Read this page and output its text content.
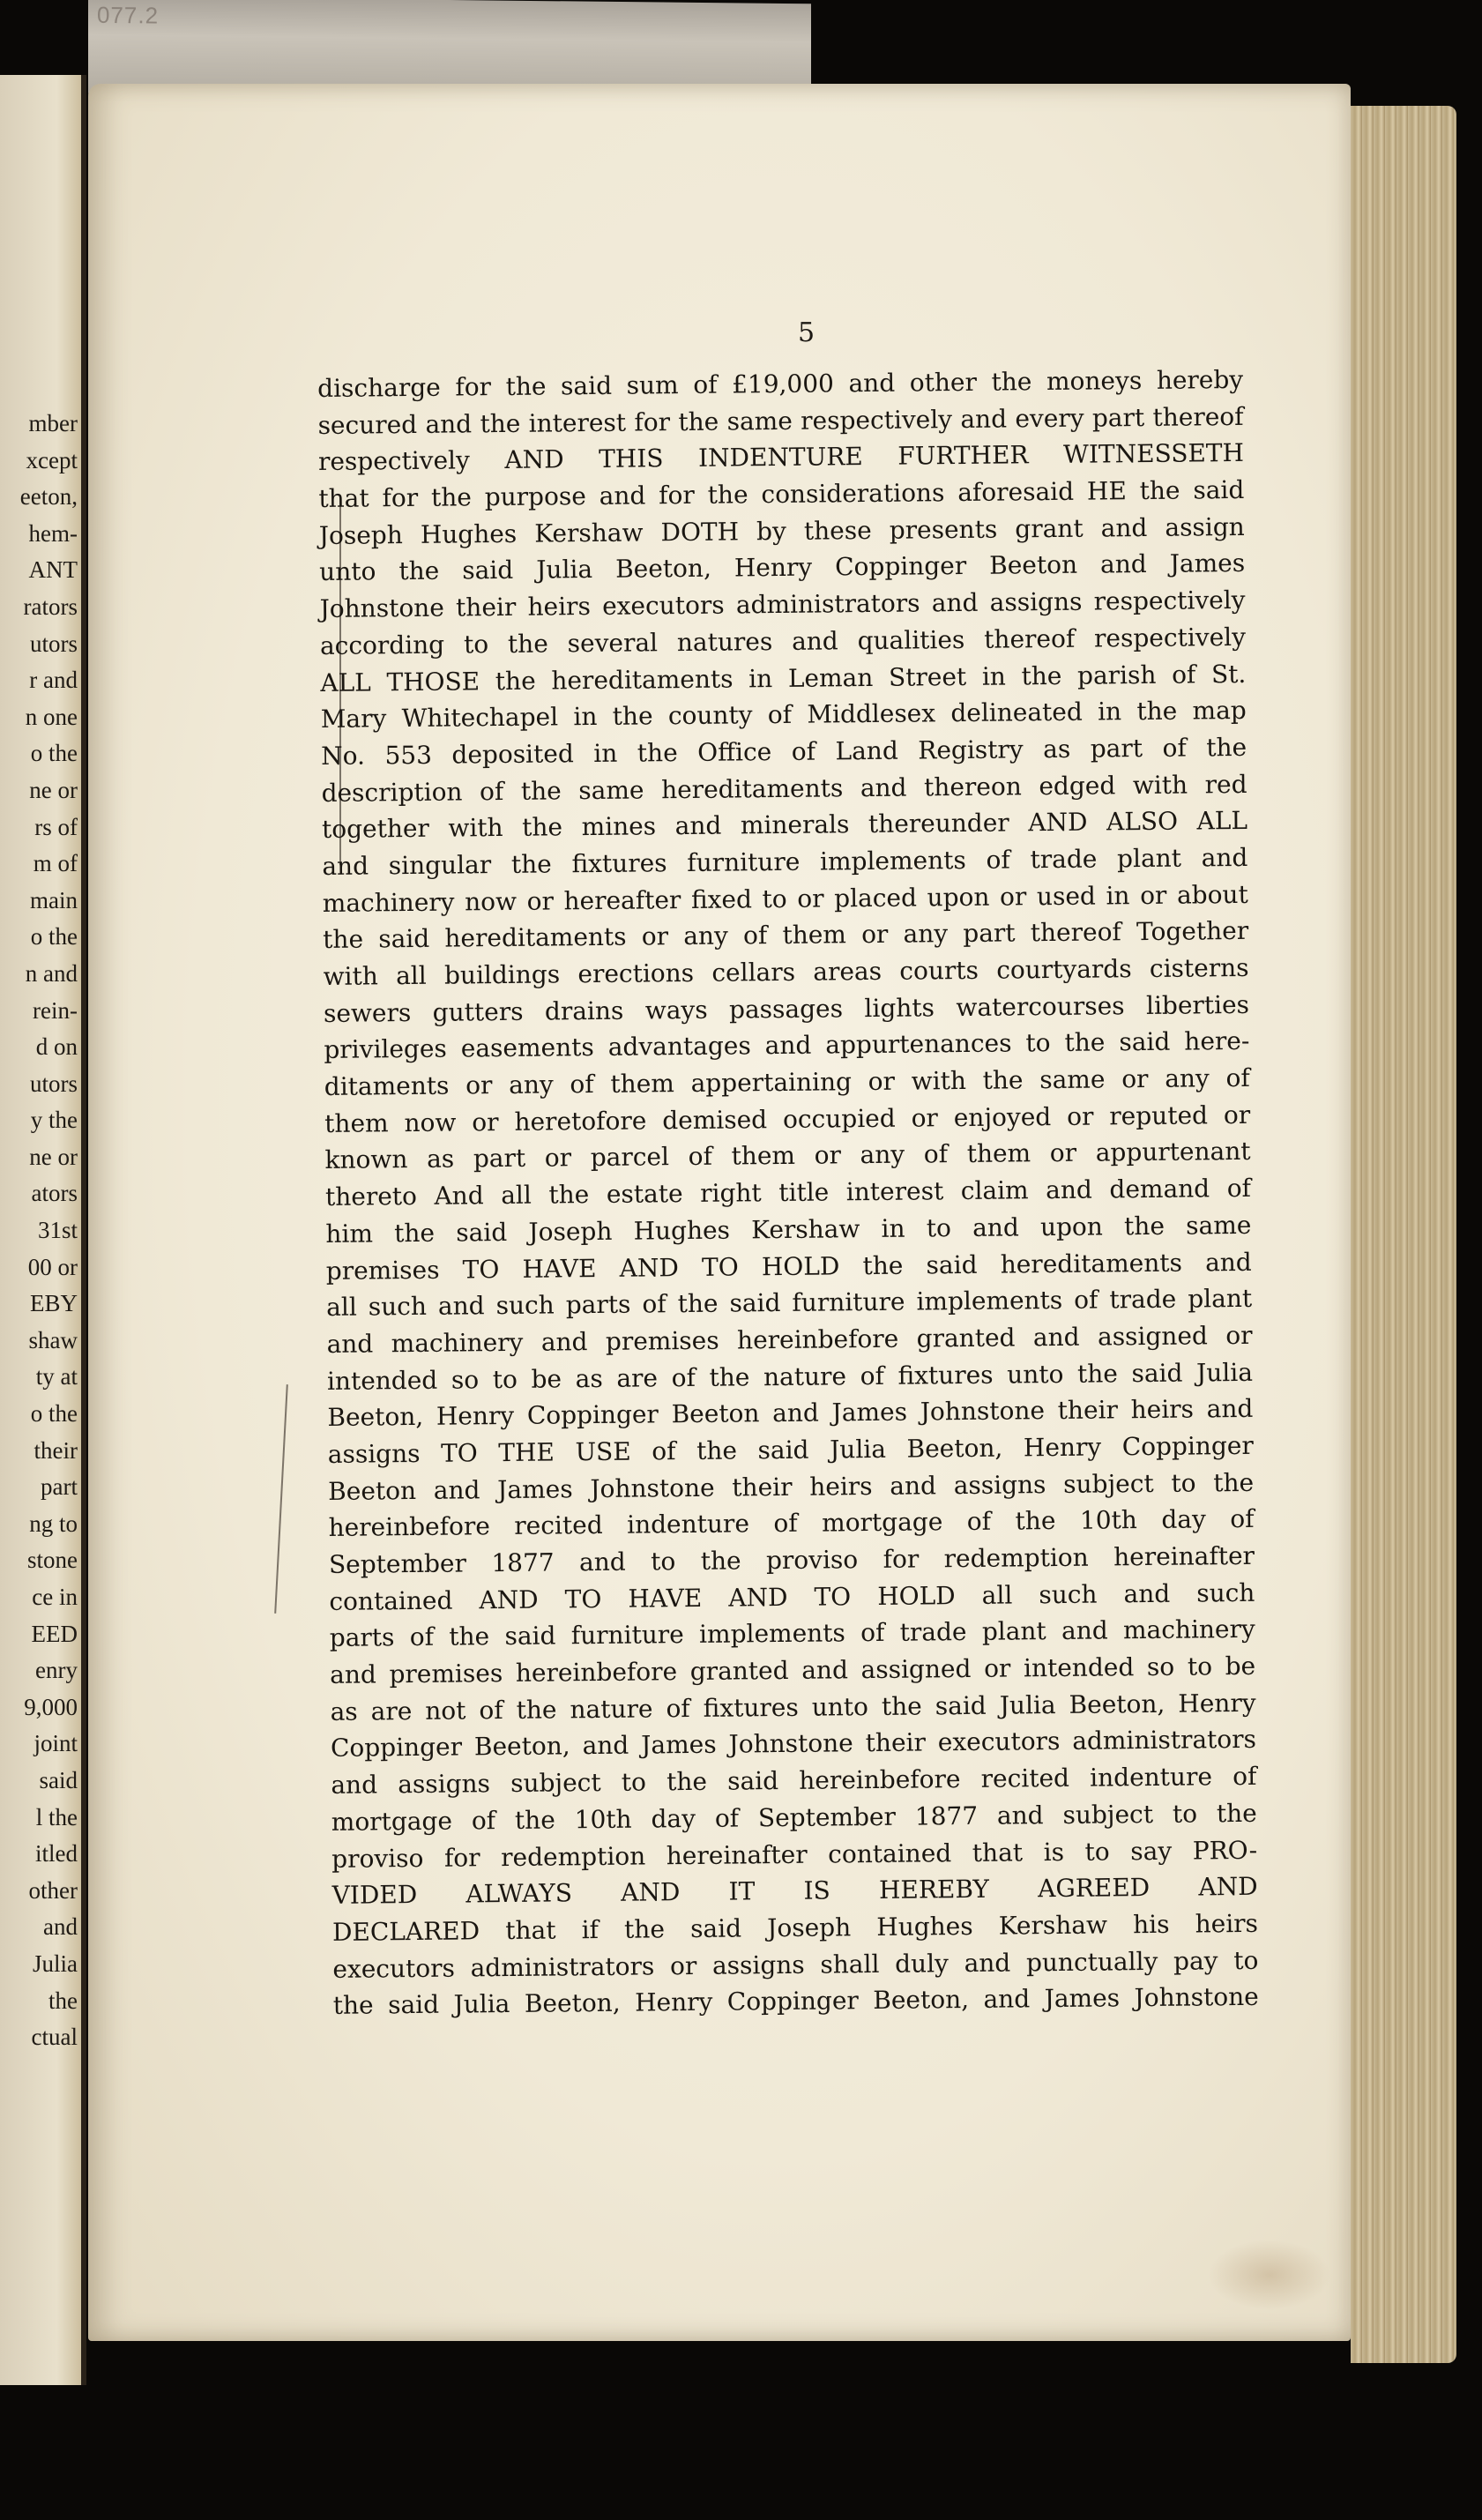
077.2
mber
xcept
eeton,
hem-
ANT
rators
utors
r and
n one
o the
ne or
rs of
m of
main
o the
n and
rein-
d on
utors
y the
ne or
ators
31st
00 or
EBY
shaw
ty at
o the
their
part
ng to
stone
ce in
EED
enry
9,000
joint
said
l the
itled
other
and
Julia
the
ctual
5
discharge for the said sum of £19,000 and other the moneys hereby
secured and the interest for the same respectively and every part thereof
respectively AND THIS INDENTURE FURTHER WITNESSETH
that for the purpose and for the considerations aforesaid HE the said
Joseph Hughes Kershaw DOTH by these presents grant and assign
unto the said Julia Beeton, Henry Coppinger Beeton and James
Johnstone their heirs executors administrators and assigns respectively
according to the several natures and qualities thereof respectively
ALL THOSE the hereditaments in Leman Street in the parish of St.
Mary Whitechapel in the county of Middlesex delineated in the map
No. 553 deposited in the Office of Land Registry as part of the
description of the same hereditaments and thereon edged with red
together with the mines and minerals thereunder AND ALSO ALL
and singular the fixtures furniture implements of trade plant and
machinery now or hereafter fixed to or placed upon or used in or about
the said hereditaments or any of them or any part thereof Together
with all buildings erections cellars areas courts courtyards cisterns
sewers gutters drains ways passages lights watercourses liberties
privileges easements advantages and appurtenances to the said here-
ditaments or any of them appertaining or with the same or any of
them now or heretofore demised occupied or enjoyed or reputed or
known as part or parcel of them or any of them or appurtenant
thereto And all the estate right title interest claim and demand of
him the said Joseph Hughes Kershaw in to and upon the same
premises TO HAVE AND TO HOLD the said hereditaments and
all such and such parts of the said furniture implements of trade plant
and machinery and premises hereinbefore granted and assigned or
intended so to be as are of the nature of fixtures unto the said Julia
Beeton, Henry Coppinger Beeton and James Johnstone their heirs and
assigns TO THE USE of the said Julia Beeton, Henry Coppinger
Beeton and James Johnstone their heirs and assigns subject to the
hereinbefore recited indenture of mortgage of the 10th day of
September 1877 and to the proviso for redemption hereinafter
contained AND TO HAVE AND TO HOLD all such and such
parts of the said furniture implements of trade plant and machinery
and premises hereinbefore granted and assigned or intended so to be
as are not of the nature of fixtures unto the said Julia Beeton, Henry
Coppinger Beeton, and James Johnstone their executors administrators
and assigns subject to the said hereinbefore recited indenture of
mortgage of the 10th day of September 1877 and subject to the
proviso for redemption hereinafter contained that is to say PRO-
VIDED ALWAYS AND IT IS HEREBY AGREED AND
DECLARED that if the said Joseph Hughes Kershaw his heirs
executors administrators or assigns shall duly and punctually pay to
the said Julia Beeton, Henry Coppinger Beeton, and James Johnstone
